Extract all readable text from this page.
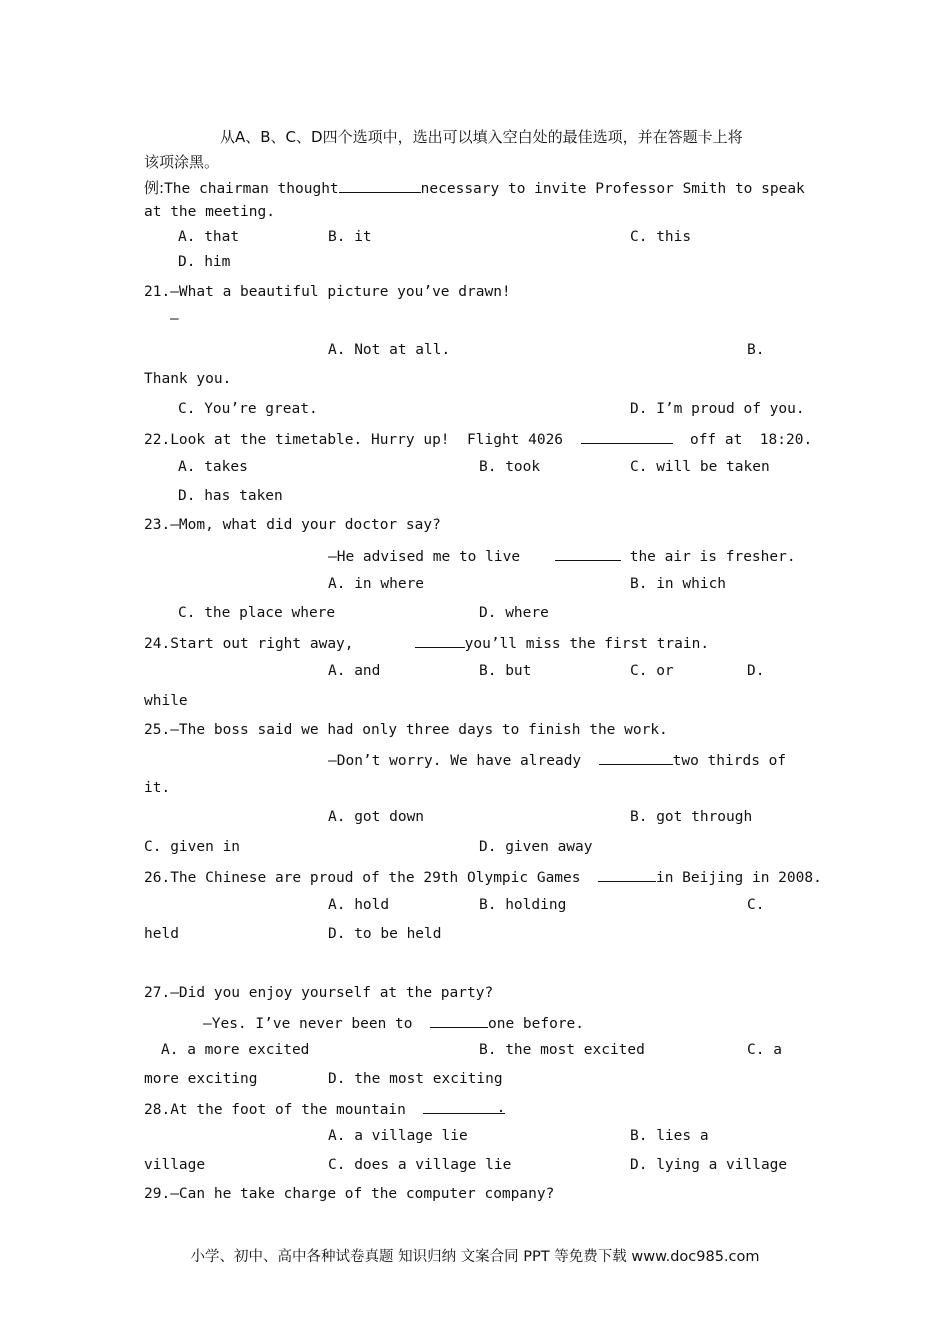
从A、B、C、D四个选项中，选出可以填入空白处的最佳选项，并在答题卡上将
该项涂黑。
例:The chairman thought	necessary to invite Professor Smith to speak
at the meeting.
A. that	B. it	C. this
D. him
21.—What a beautiful picture you’ve drawn!
—
A. Not at all.	B.
Thank you.
C. You’re great.	D. I’m proud of you.
22.Look at the timetable. Hurry up!  Flight 4026	off at  18:20.
A. takes	B. took	C. will be taken
D. has taken
23.—Mom, what did your doctor say?
—He advised me to live	the air is fresher.
A. in where	B. in which
C. the place where	D. where
24.Start out right away,	you’ll miss the first train.
A. and	B. but	C. or	D.
while
25.—The boss said we had only three days to finish the work.
—Don’t worry. We have already	two thirds of
it.
A. got down	B. got through
C. given in	D. given away
26.The Chinese are proud of the 29th Olympic Games	in Beijing in 2008.
A. hold	B. holding	C.
held	D. to be held
27.—Did you enjoy yourself at the party?
—Yes. I’ve never been to	one before.
A. a more excited	B. the most excited	C. a
more exciting	D. the most exciting
28.At the foot of the mountain	.
A. a village lie	B. lies a
village	C. does a village lie	D. lying a village
29.—Can he take charge of the computer company?
小学、初中、高中各种试卷真题 知识归纳 文案合同 PPT 等免费下载 www.doc985.com
